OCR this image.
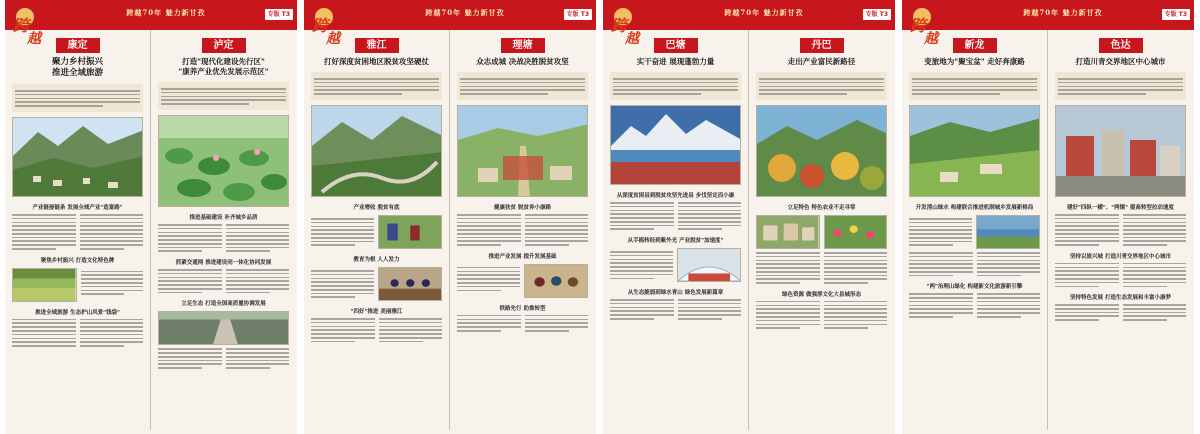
跨越70年 魅力新甘孜	专版 T3
跨
越	康定
聚力乡村振兴
推进全域旅游
产业链接链条 发展全域产业"造富路"
聚焦乡村振兴 打造文化特色牌
推进全域旅游 生态护山风景"钱袋"
泸定
打造"现代化建设先行区"
"康养产业优先发展示范区"
推进基础建设 补齐城乡品质
抓紧交通网 推进建设同一体化协同发展
立足生态 打造全国高质量协调发展
跨越70年 魅力新甘孜	专版 T3
跨
越	雅江
打好深度贫困地区脱贫攻坚硬仗
产业增收 脱贫有底
教育为根 人人发力
"四好"推进 美丽雅江
理塘
众志成城 决战决胜脱贫攻坚
健康扶贫 脱贫奔小康路
推进产业发展 提升发展基础
铁路先行 助推转型
跨越70年 魅力新甘孜	专版 T3
跨
越	巴塘
实干奋进 展现蓬勃力量
从深度贫困县到脱贫攻坚先进县 步伐坚定而小康
从手摇转经到紫外光 产业脱贫"加速度"
从生态脆弱到绿水青山 绿色发展新篇章
丹巴
走出产业富民新路径
立足特色 特色农业不走寻常
绿色资源 做强厚文化大县城形态
跨越70年 魅力新甘孜	专版 T3
跨
越	新龙
变旅地为"聚宝盆" 走好奔康路
开发清山绿水 构建联合推进机制城乡发展新格局
"两"治理山绿化 构建新文化旅游新引擎
色达
打造川青交界地区中心城市
建好"四纵一横"、"两镇" 提高转型拉动速度
坚持以旅兴城 打造川青交界地区中心城市
坚持特色发展 打造生态发展和丰富小康梦
